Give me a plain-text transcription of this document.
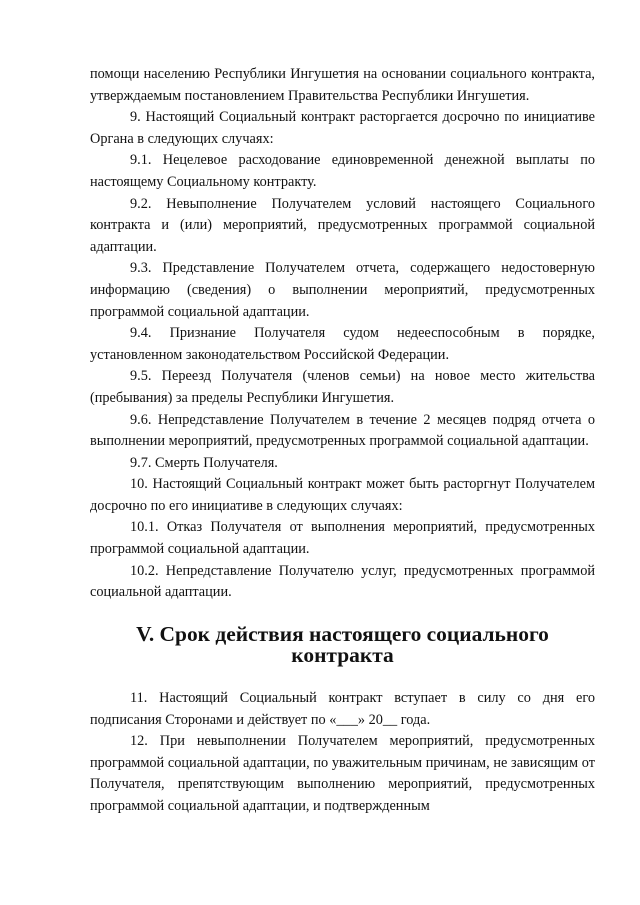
помощи населению Республики Ингушетия на основании социального контракта, утверждаемым постановлением Правительства Республики Ингушетия.

9. Настоящий Социальный контракт расторгается досрочно по инициативе Органа в следующих случаях:

9.1. Нецелевое расходование единовременной денежной выплаты по настоящему Социальному контракту.

9.2. Невыполнение Получателем условий настоящего Социального контракта и (или) мероприятий, предусмотренных программой социальной адаптации.

9.3. Представление Получателем отчета, содержащего недостоверную информацию (сведения) о выполнении мероприятий, предусмотренных программой социальной адаптации.

9.4. Признание Получателя судом недееспособным в порядке, установленном законодательством Российской Федерации.

9.5. Переезд Получателя (членов семьи) на новое место жительства (пребывания) за пределы Республики Ингушетия.

9.6. Непредставление Получателем в течение 2 месяцев подряд отчета о выполнении мероприятий, предусмотренных программой социальной адаптации.

9.7. Смерть Получателя.

10. Настоящий Социальный контракт может быть расторгнут Получателем досрочно по его инициативе в следующих случаях:

10.1. Отказ Получателя от выполнения мероприятий, предусмотренных программой социальной адаптации.

10.2. Непредставление Получателю услуг, предусмотренных программой социальной адаптации.

V. Срок действия настоящего социального контракта

11. Настоящий Социальный контракт вступает в силу со дня его подписания Сторонами и действует по «___» 20__ года.

12. При невыполнении Получателем мероприятий, предусмотренных программой социальной адаптации, по уважительным причинам, не зависящим от Получателя, препятствующим выполнению мероприятий, предусмотренных программой социальной адаптации, и подтвержденным
